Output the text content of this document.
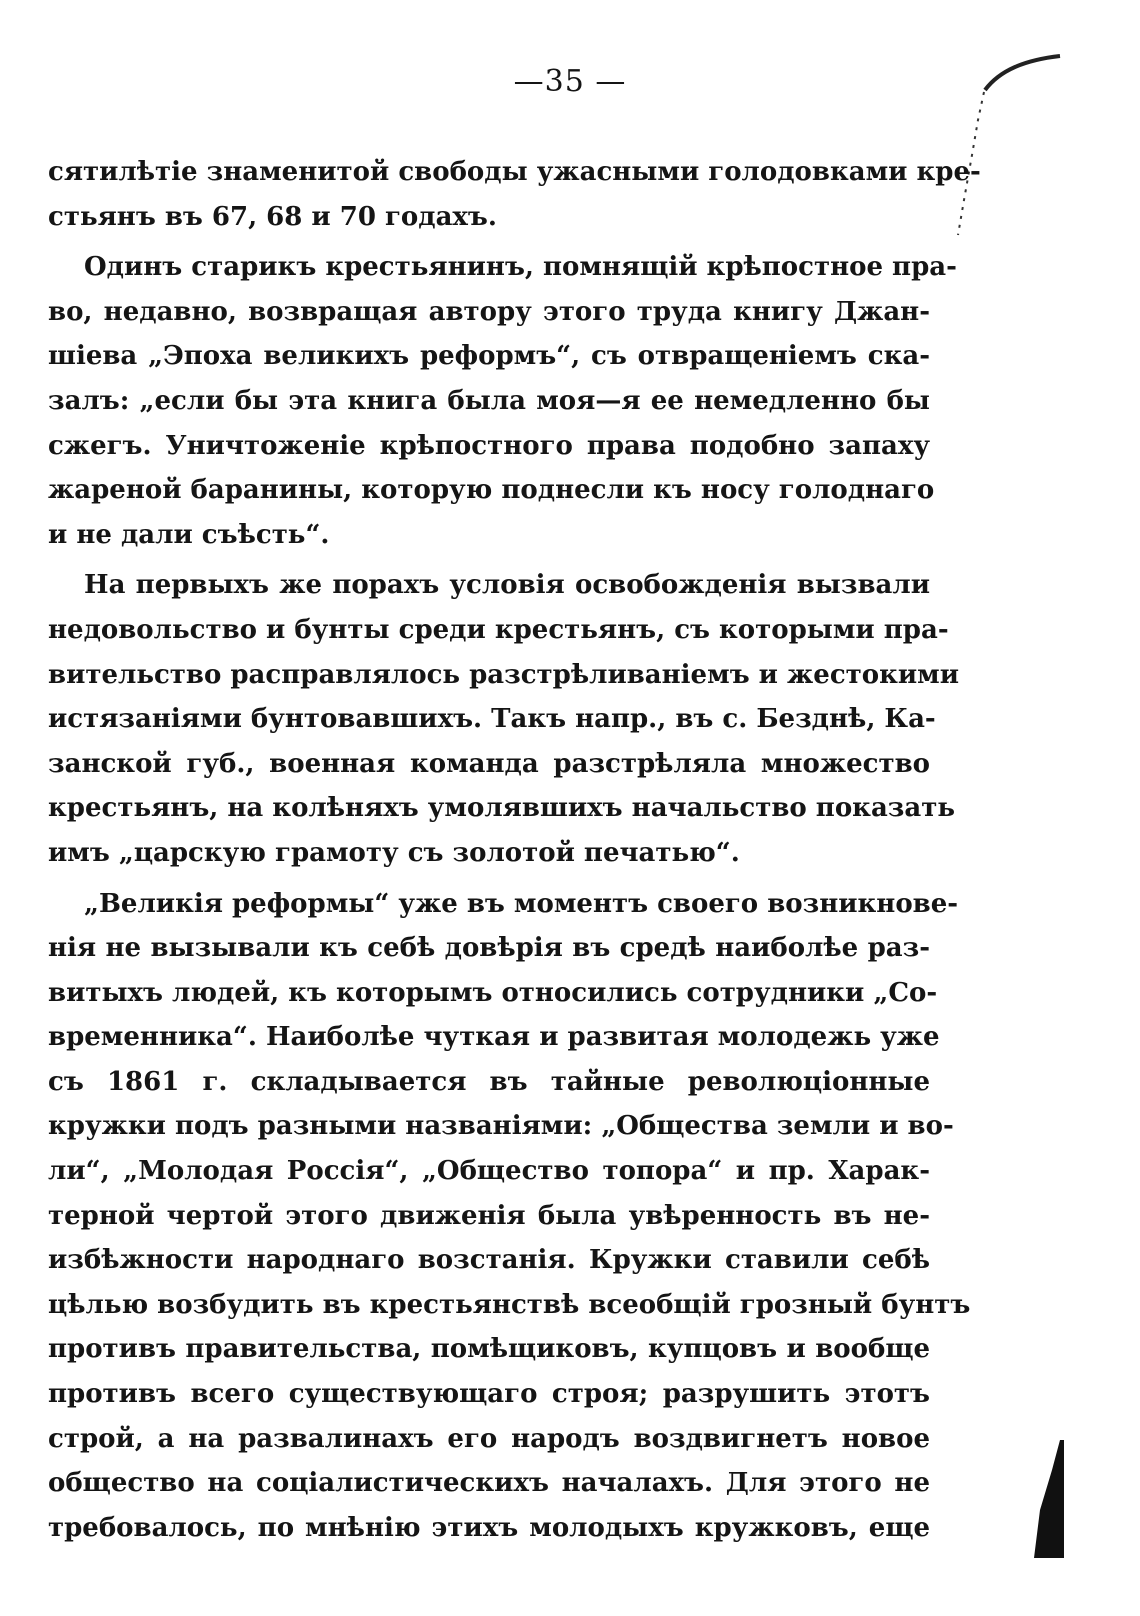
—35 —
сятилѣтіе знаменитой свободы ужасными голодовками кре-
стьянъ въ 67, 68 и 70 годахъ.
Одинъ старикъ крестьянинъ, помнящій крѣпостное пра-
во, недавно, возвращая автору этого труда книгу Джан-
шіева „Эпоха великихъ реформъ“, съ отвращеніемъ ска-
залъ: „если бы эта книга была моя—я ее немедленно бы
сжегъ. Уничтоженіе крѣпостного права подобно запаху
жареной баранины, которую поднесли къ носу голоднаго
и не дали съѣсть“.
На первыхъ же порахъ условія освобожденія вызвали
недовольство и бунты среди крестьянъ, съ которыми пра-
вительство расправлялось разстрѣливаніемъ и жестокими
истязаніями бунтовавшихъ. Такъ напр., въ с. Безднѣ, Ка-
занской губ., военная команда разстрѣляла множество
крестьянъ, на колѣняхъ умолявшихъ начальство показать
имъ „царскую грамоту съ золотой печатью“.
„Великія реформы“ уже въ моментъ своего возникнове-
нія не вызывали къ себѣ довѣрія въ средѣ наиболѣе раз-
витыхъ людей, къ которымъ относились сотрудники „Со-
временника“. Наиболѣе чуткая и развитая молодежь уже
съ 1861 г. складывается въ тайные революціонные
кружки подъ разными названіями: „Общества земли и во-
ли“, „Молодая Россія“, „Общество топора“ и пр. Харак-
терной чертой этого движенія была увѣренность въ не-
избѣжности народнаго возстанія. Кружки ставили себѣ
цѣлью возбудить въ крестьянствѣ всеобщій грозный бунтъ
противъ правительства, помѣщиковъ, купцовъ и вообще
противъ всего существующаго строя; разрушить этотъ
строй, а на развалинахъ его народъ воздвигнетъ новое
общество на соціалистическихъ началахъ. Для этого не
требовалось, по мнѣнію этихъ молодыхъ кружковъ, еще
